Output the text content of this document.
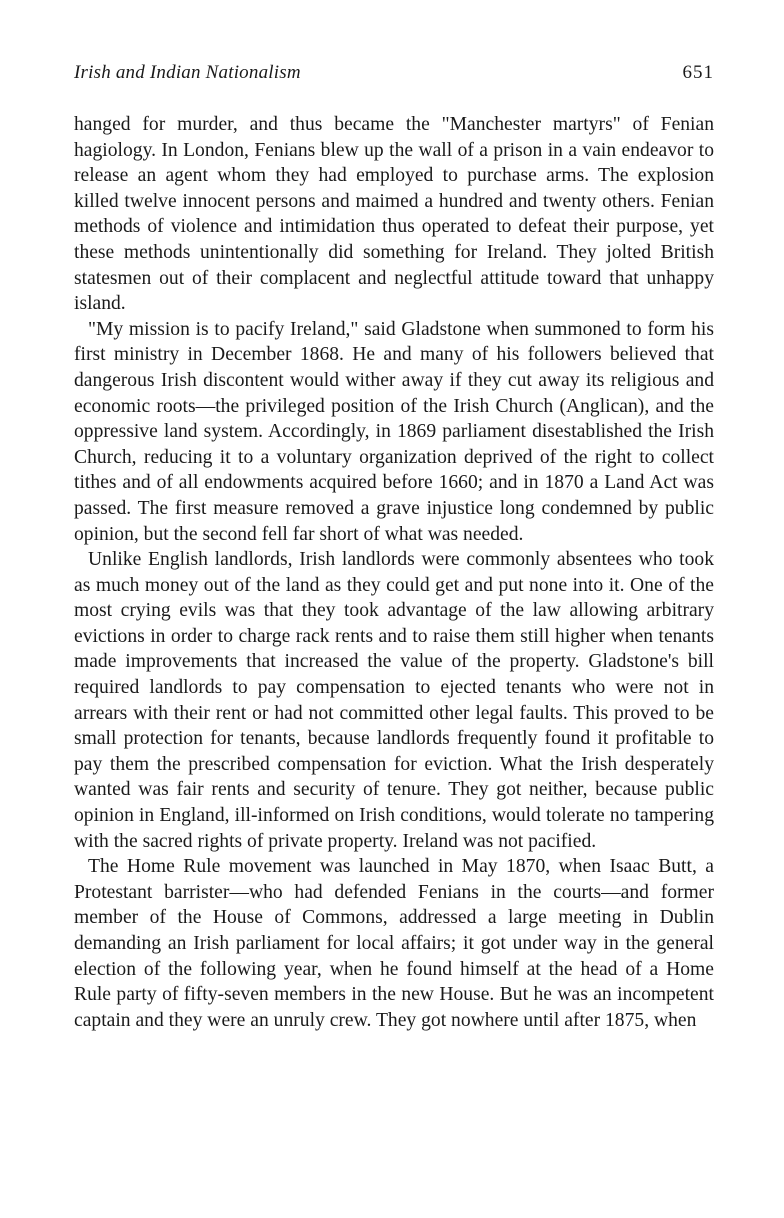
Irish and Indian Nationalism	651

hanged for murder, and thus became the "Manchester martyrs" of Fenian hagiology. In London, Fenians blew up the wall of a prison in a vain endeavor to release an agent whom they had employed to purchase arms. The explosion killed twelve innocent persons and maimed a hundred and twenty others. Fenian methods of violence and intimidation thus operated to defeat their purpose, yet these methods unintentionally did something for Ireland. They jolted British statesmen out of their complacent and neglectful attitude toward that unhappy island.

"My mission is to pacify Ireland," said Gladstone when summoned to form his first ministry in December 1868. He and many of his followers believed that dangerous Irish discontent would wither away if they cut away its religious and economic roots—the privileged position of the Irish Church (Anglican), and the oppressive land system. Accordingly, in 1869 parliament disestablished the Irish Church, reducing it to a voluntary organization deprived of the right to collect tithes and of all endowments acquired before 1660; and in 1870 a Land Act was passed. The first measure removed a grave injustice long condemned by public opinion, but the second fell far short of what was needed.

Unlike English landlords, Irish landlords were commonly absentees who took as much money out of the land as they could get and put none into it. One of the most crying evils was that they took advantage of the law allowing arbitrary evictions in order to charge rack rents and to raise them still higher when tenants made improvements that increased the value of the property. Gladstone's bill required landlords to pay compensation to ejected tenants who were not in arrears with their rent or had not committed other legal faults. This proved to be small protection for tenants, because landlords frequently found it profitable to pay them the prescribed compensation for eviction. What the Irish desperately wanted was fair rents and security of tenure. They got neither, because public opinion in England, ill-informed on Irish conditions, would tolerate no tampering with the sacred rights of private property. Ireland was not pacified.

The Home Rule movement was launched in May 1870, when Isaac Butt, a Protestant barrister—who had defended Fenians in the courts—and former member of the House of Commons, addressed a large meeting in Dublin demanding an Irish parliament for local affairs; it got under way in the general election of the following year, when he found himself at the head of a Home Rule party of fifty-seven members in the new House. But he was an incompetent captain and they were an unruly crew. They got nowhere until after 1875, when
